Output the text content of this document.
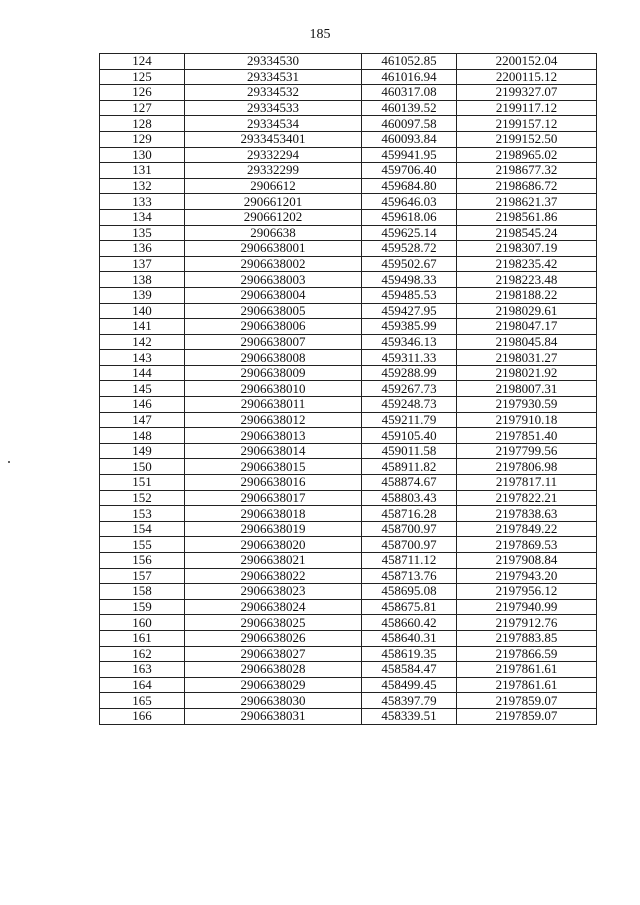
185
124	29334530	461052.85	2200152.04
125	29334531	461016.94	2200115.12
126	29334532	460317.08	2199327.07
127	29334533	460139.52	2199117.12
128	29334534	460097.58	2199157.12
129	2933453401	460093.84	2199152.50
130	29332294	459941.95	2198965.02
131	29332299	459706.40	2198677.32
132	2906612	459684.80	2198686.72
133	290661201	459646.03	2198621.37
134	290661202	459618.06	2198561.86
135	2906638	459625.14	2198545.24
136	2906638001	459528.72	2198307.19
137	2906638002	459502.67	2198235.42
138	2906638003	459498.33	2198223.48
139	2906638004	459485.53	2198188.22
140	2906638005	459427.95	2198029.61
141	2906638006	459385.99	2198047.17
142	2906638007	459346.13	2198045.84
143	2906638008	459311.33	2198031.27
144	2906638009	459288.99	2198021.92
145	2906638010	459267.73	2198007.31
146	2906638011	459248.73	2197930.59
147	2906638012	459211.79	2197910.18
148	2906638013	459105.40	2197851.40
149	2906638014	459011.58	2197799.56
150	2906638015	458911.82	2197806.98
151	2906638016	458874.67	2197817.11
152	2906638017	458803.43	2197822.21
153	2906638018	458716.28	2197838.63
154	2906638019	458700.97	2197849.22
155	2906638020	458700.97	2197869.53
156	2906638021	458711.12	2197908.84
157	2906638022	458713.76	2197943.20
158	2906638023	458695.08	2197956.12
159	2906638024	458675.81	2197940.99
160	2906638025	458660.42	2197912.76
161	2906638026	458640.31	2197883.85
162	2906638027	458619.35	2197866.59
163	2906638028	458584.47	2197861.61
164	2906638029	458499.45	2197861.61
165	2906638030	458397.79	2197859.07
166	2906638031	458339.51	2197859.07
